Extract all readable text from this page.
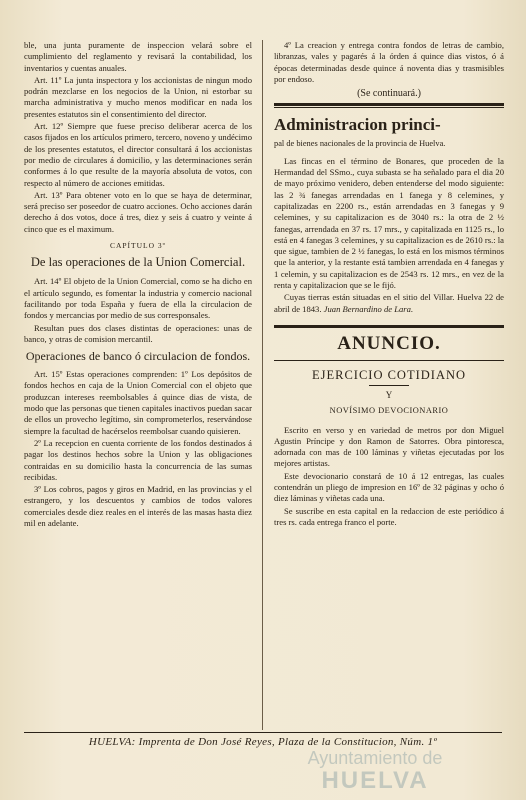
ble, una junta puramente de inspeccion velará sobre el cumplimiento del reglamento y revisará la contabilidad, los inventarios y cuentas anuales.

Art. 11º La junta inspectora y los accionistas de ningun modo podrán mezclarse en los negocios de la Union, ni estorbar su marcha administrativa y mucho menos modificar en nada los presentes estatutos sin el consentimiento del director.

Art. 12º Siempre que fuese preciso deliberar acerca de los casos fijados en los artículos primero, tercero, noveno y undécimo de los presentes estatutos, el director consultará á los accionistas por medio de circulares á domicilio, y las determinaciones serán conformes á lo que resulte de la mayoría absoluta de votos, con respecto al número de acciones emitidas.

Art. 13º Para obtener voto en lo que se haya de determinar, será preciso ser poseedor de cuatro acciones. Ocho acciones darán derecho á dos votos, doce á tres, diez y seis á cuatro y veinte á cinco que es el maximum.

CAPÍTULO 3º
De las operaciones de la Union Comercial.

Art. 14º El objeto de la Union Comercial, como se ha dicho en el artículo segundo, es fomentar la industria y comercio nacional facilitando por toda España y fuera de ella la circulacion de fondos y mercancias por medio de sus corresponsales.

Resultan pues dos clases distintas de operaciones: unas de banco, y otras de comision mercantil.

Operaciones de banco ó circulacion de fondos.

Art. 15º Estas operaciones comprenden: 1º Los depósitos de fondos hechos en caja de la Union Comercial con el objeto que produzcan intereses reembolsables á quince dias de vista, de modo que las personas que tienen capitales inactivos puedan sacar de ellos un provecho legítimo, sin comprometerlos, reservándose siempre la facultad de hacérselos reembolsar cuando quisieren.

2º La recepcion en cuenta corriente de los fondos destinados á pagar los destinos hechos sobre la Union y las obligaciones contraidas en su domicilio hasta la concurrencia de las sumas recibidas.

3º Los cobros, pagos y giros en Madrid, en las provincias y el estrangero, y los descuentos y cambios de todos valores comerciales desde diez reales en el interés de las masas hasta diez mil en adelante.

4º La creacion y entrega contra fondos de letras de cambio, libranzas, vales y pagarés á la órden á quince dias vistos, ó á épocas determinadas desde quince á noventa dias y trasmisibles por endoso.

(Se continuará.)
Administracion princi-

pal de bienes nacionales de la provincia de Huelva.

Las fincas en el término de Bonares, que proceden de la Hermandad del SSmo., cuya subasta se ha señalado para el dia 20 de mayo próximo venidero, deben entenderse del modo siguiente: las 2 ¾ fanegas arrendadas en 1 fanega y 8 celemines, y capitalizadas en 2200 rs., están arrendadas en 3 fanegas y 9 celemines, y su capitalizacion es de 3040 rs.: la otra de 2 ½ fanegas, arrendada en 37 rs. 17 mrs., y capitalizada en 1125 rs., lo está en 4 fanegas 3 celemines, y su capitalizacion es de 2610 rs.: la que sigue, tambien de 2 ½ fanegas, lo está en los mismos términos que la anterior, y la restante está tambien arrendada en 4 fanegas y 1 celemin, y su capitalizacion es de 2543 rs. 12 mrs., en vez de la renta y capitalizacion que se le fijó.

Cuyas tierras están situadas en el sitio del Villar. Huelva 22 de abril de 1843. Juan Bernardino de Lara.

ANUNCIO.
EJERCICIO COTIDIANO
Y
NOVÍSIMO DEVOCIONARIO

Escrito en verso y en variedad de metros por don Miguel Agustin Príncipe y don Ramon de Satorres. Obra pintoresca, adornada con mas de 100 láminas y viñetas ejecutadas por los mejores artistas.

Este devocionario constará de 10 á 12 entregas, las cuales contendrán un pliego de impresion en 16º de 32 páginas y ocho ó diez láminas y viñetas cada una.

Se suscribe en esta capital en la redaccion de este periódico á tres rs. cada entrega franco el porte.

HUELVA: Imprenta de Don José Reyes, Plaza de la Constitucion, Núm. 1º
Ayuntamiento de
HUELVA
